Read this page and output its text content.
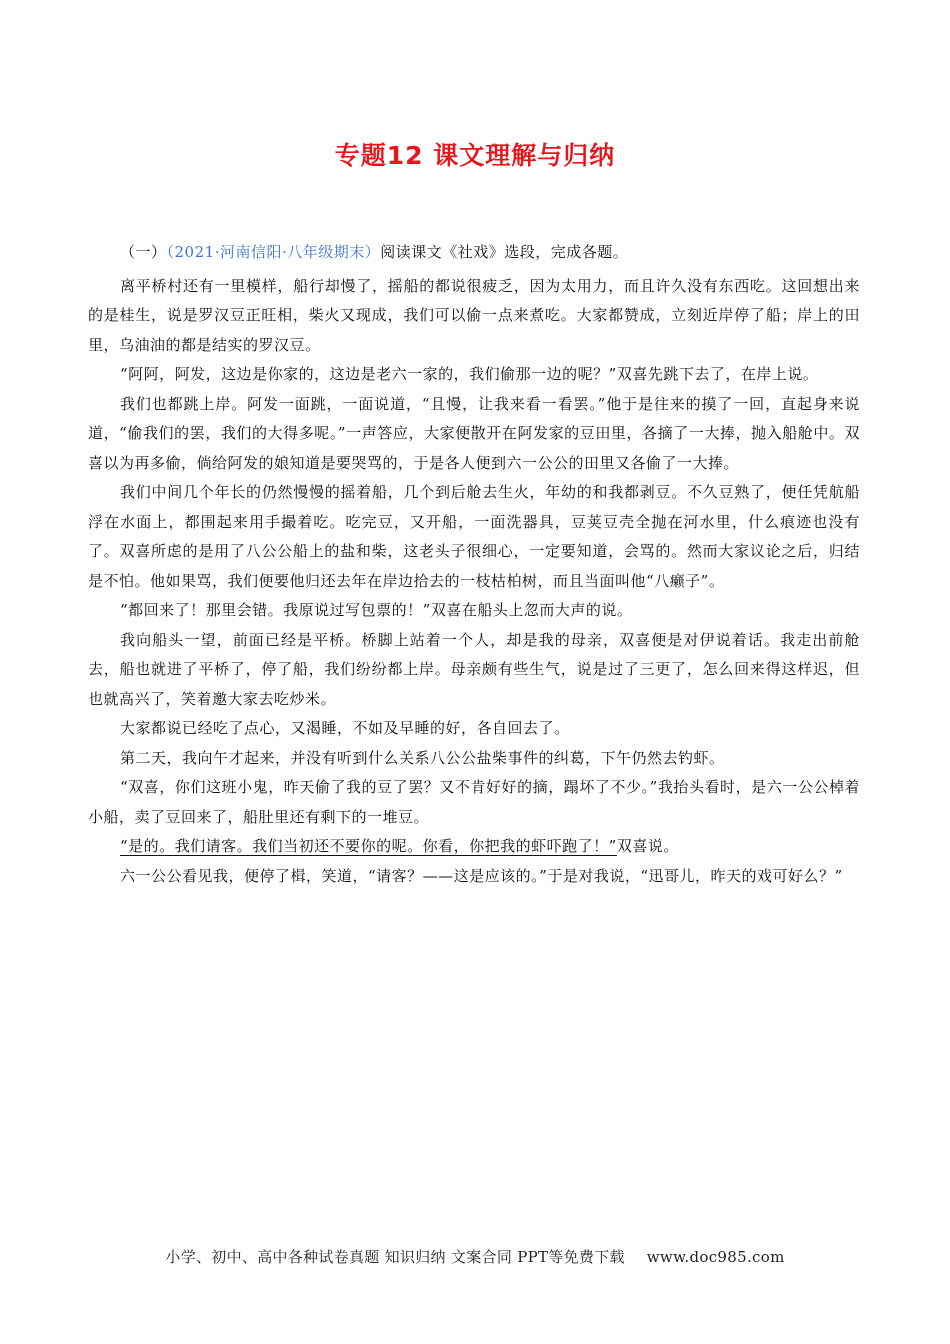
专题12 课文理解与归纳

（一）（2021·河南信阳·八年级期末）阅读课文《社戏》选段，完成各题。

离平桥村还有一里模样，船行却慢了，摇船的都说很疲乏，因为太用力，而且许久没有东西吃。这回想出来的是桂生，说是罗汉豆正旺相，柴火又现成，我们可以偷一点来煮吃。大家都赞成，立刻近岸停了船；岸上的田里，乌油油的都是结实的罗汉豆。

“阿阿，阿发，这边是你家的，这边是老六一家的，我们偷那一边的呢？”双喜先跳下去了，在岸上说。

我们也都跳上岸。阿发一面跳，一面说道，“且慢，让我来看一看罢。”他于是往来的摸了一回，直起身来说道，“偷我们的罢，我们的大得多呢。”一声答应，大家便散开在阿发家的豆田里，各摘了一大捧，抛入船舱中。双喜以为再多偷，倘给阿发的娘知道是要哭骂的，于是各人便到六一公公的田里又各偷了一大捧。

我们中间几个年长的仍然慢慢的摇着船，几个到后舱去生火，年幼的和我都剥豆。不久豆熟了，便任凭航船浮在水面上，都围起来用手撮着吃。吃完豆，又开船，一面洗器具，豆荚豆壳全抛在河水里，什么痕迹也没有了。双喜所虑的是用了八公公船上的盐和柴，这老头子很细心，一定要知道，会骂的。然而大家议论之后，归结是不怕。他如果骂，我们便要他归还去年在岸边拾去的一枝枯柏树，而且当面叫他“八癞子”。

“都回来了！那里会错。我原说过写包票的！”双喜在船头上忽而大声的说。

我向船头一望，前面已经是平桥。桥脚上站着一个人，却是我的母亲，双喜便是对伊说着话。我走出前舱去，船也就进了平桥了，停了船，我们纷纷都上岸。母亲颇有些生气，说是过了三更了，怎么回来得这样迟，但也就高兴了，笑着邀大家去吃炒米。

大家都说已经吃了点心，又渴睡，不如及早睡的好，各自回去了。

第二天，我向午才起来，并没有听到什么关系八公公盐柴事件的纠葛，下午仍然去钓虾。

“双喜，你们这班小鬼，昨天偷了我的豆了罢？又不肯好好的摘，蹋坏了不少。”我抬头看时，是六一公公棹着小船，卖了豆回来了，船肚里还有剩下的一堆豆。

“是的。我们请客。我们当初还不要你的呢。你看，你把我的虾吓跑了！”双喜说。

六一公公看见我，便停了楫，笑道，“请客？——这是应该的。”于是对我说，“迅哥儿，昨天的戏可好么？”

小学、初中、高中各种试卷真题 知识归纳 文案合同 PPT等免费下载 www.doc985.com
